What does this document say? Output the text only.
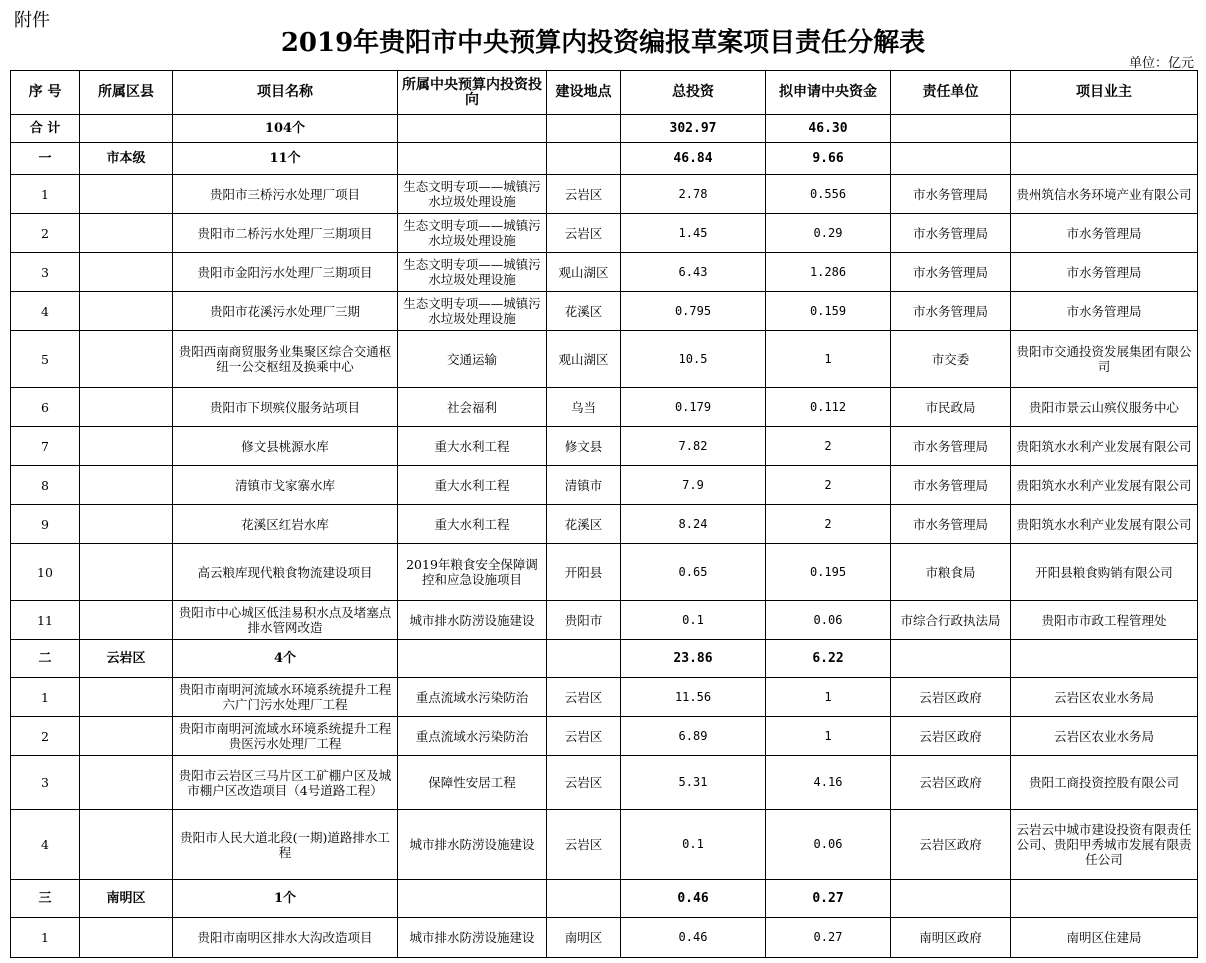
附件
2019年贵阳市中央预算内投资编报草案项目责任分解表
单位：亿元
序 号	所属区县	项目名称	所属中央预算内投资投向	建设地点	总投资	拟申请中央资金	责任单位	项目业主
合 计		104个			302.97	46.30		
一	市本级	11个			46.84	9.66		
1		贵阳市三桥污水处理厂项目	生态文明专项——城镇污水垃圾处理设施	云岩区	2.78	0.556	市水务管理局	贵州筑信水务环境产业有限公司
2		贵阳市二桥污水处理厂三期项目	生态文明专项——城镇污水垃圾处理设施	云岩区	1.45	0.29	市水务管理局	市水务管理局
3		贵阳市金阳污水处理厂三期项目	生态文明专项——城镇污水垃圾处理设施	观山湖区	6.43	1.286	市水务管理局	市水务管理局
4		贵阳市花溪污水处理厂三期	生态文明专项——城镇污水垃圾处理设施	花溪区	0.795	0.159	市水务管理局	市水务管理局
5		贵阳西南商贸服务业集聚区综合交通枢纽一公交枢纽及换乘中心	交通运输	观山湖区	10.5	1	市交委	贵阳市交通投资发展集团有限公司
6		贵阳市下坝殡仪服务站项目	社会福利	乌当	0.179	0.112	市民政局	贵阳市景云山殡仪服务中心
7		修文县桃源水库	重大水利工程	修文县	7.82	2	市水务管理局	贵阳筑水水利产业发展有限公司
8		清镇市戈家寨水库	重大水利工程	清镇市	7.9	2	市水务管理局	贵阳筑水水利产业发展有限公司
9		花溪区红岩水库	重大水利工程	花溪区	8.24	2	市水务管理局	贵阳筑水水利产业发展有限公司
10		高云粮库现代粮食物流建设项目	2019年粮食安全保障调控和应急设施项目	开阳县	0.65	0.195	市粮食局	开阳县粮食购销有限公司
11		贵阳市中心城区低洼易积水点及堵塞点排水管网改造	城市排水防涝设施建设	贵阳市	0.1	0.06	市综合行政执法局	贵阳市市政工程管理处
二	云岩区	4个			23.86	6.22		
1		贵阳市南明河流域水环境系统提升工程六广门污水处理厂工程	重点流域水污染防治	云岩区	11.56	1	云岩区政府	云岩区农业水务局
2		贵阳市南明河流域水环境系统提升工程贵医污水处理厂工程	重点流域水污染防治	云岩区	6.89	1	云岩区政府	云岩区农业水务局
3		贵阳市云岩区三马片区工矿棚户区及城市棚户区改造项目（4号道路工程）	保障性安居工程	云岩区	5.31	4.16	云岩区政府	贵阳工商投资控股有限公司
4		贵阳市人民大道北段(一期)道路排水工程	城市排水防涝设施建设	云岩区	0.1	0.06	云岩区政府	云岩云中城市建设投资有限责任公司、贵阳甲秀城市发展有限责任公司
三	南明区	1个			0.46	0.27		
1		贵阳市南明区排水大沟改造项目	城市排水防涝设施建设	南明区	0.46	0.27	南明区政府	南明区住建局
